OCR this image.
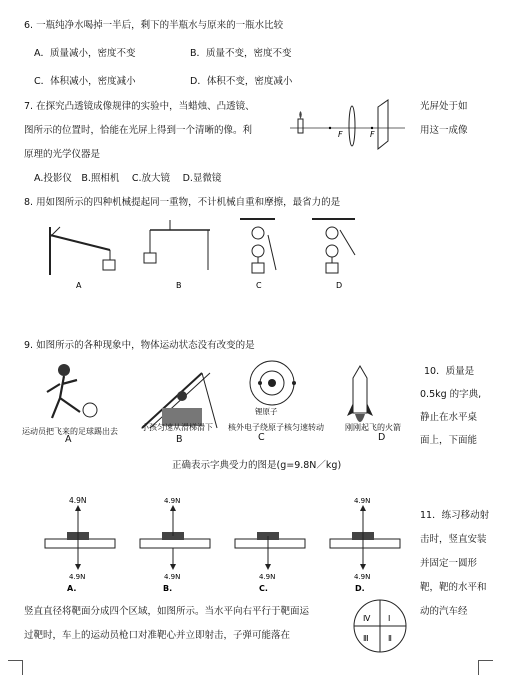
6. 一瓶纯净水喝掉一半后，剩下的半瓶水与原来的一瓶水比较
A．质量减小，密度不变	B．质量不变，密度不变
C．体积减小，密度减小	D．体积不变，密度减小
7. 在探究凸透镜成像规律的实验中，当蜡烛、凸透镜、	光屏处于如
图所示的位置时，恰能在光屏上得到一个清晰的像。利	用这一成像
原理的光学仪器是
A.投影仪　B.照相机　 C.放大镜　 D.显微镜
F	F
8. 用如图所示的四种机械提起同一重物，不计机械自重和摩擦，最省力的是
A	B	C	D
9. 如图所示的各种现象中，物体运动状态没有改变的是
锂原子
运动员把飞来的足球踢出去	小孩匀速从滑梯滑下 核外电子绕原子核匀速转动	刚刚起飞的火箭
A	B	C	D
10．质量是
0.5kg 的字典,
静止在水平桌
面上，下面能
正确表示字典受力的图是(g=9.8N／kg)
4.9N
4.9N
A.
4.9N
4.9N
B.
4.9N
C.
4.9N
4.9N
D.
11．练习移动射
击时，竖直安装
并固定一圆形
靶，靶的水平和
竖直直径将靶面分成四个区域，如图所示。当水平向右平行于靶面运	动的汽车经
过靶时，车上的运动员枪口对准靶心并立即射击，子弹可能落在
Ⅳ Ⅰ
Ⅲ Ⅱ
